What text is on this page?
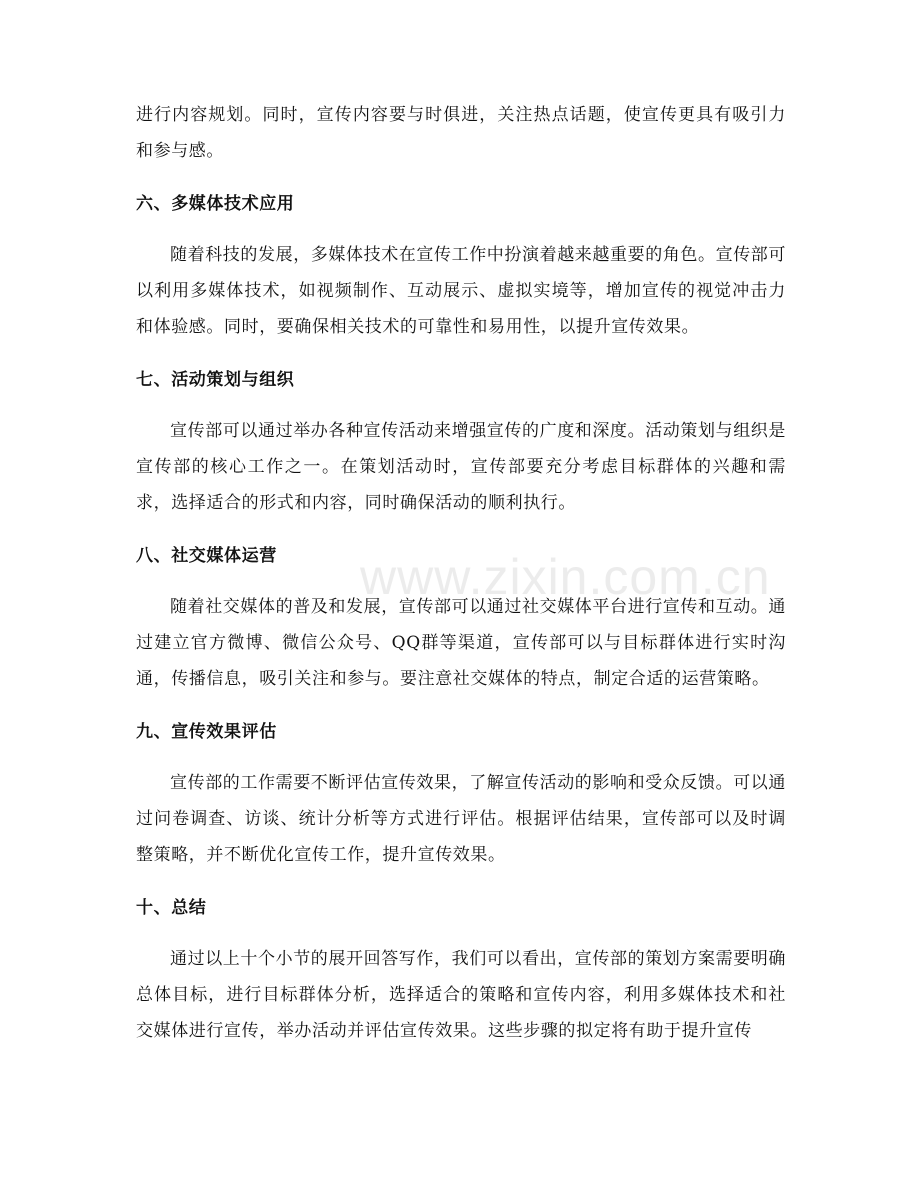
进行内容规划。同时，宣传内容要与时俱进，关注热点话题，使宣传更具有吸引力和参与感。

六、多媒体技术应用

随着科技的发展，多媒体技术在宣传工作中扮演着越来越重要的角色。宣传部可以利用多媒体技术，如视频制作、互动展示、虚拟实境等，增加宣传的视觉冲击力和体验感。同时，要确保相关技术的可靠性和易用性，以提升宣传效果。

七、活动策划与组织

宣传部可以通过举办各种宣传活动来增强宣传的广度和深度。活动策划与组织是宣传部的核心工作之一。在策划活动时，宣传部要充分考虑目标群体的兴趣和需求，选择适合的形式和内容，同时确保活动的顺利执行。

八、社交媒体运营

随着社交媒体的普及和发展，宣传部可以通过社交媒体平台进行宣传和互动。通过建立官方微博、微信公众号、QQ群等渠道，宣传部可以与目标群体进行实时沟通，传播信息，吸引关注和参与。要注意社交媒体的特点，制定合适的运营策略。

九、宣传效果评估

宣传部的工作需要不断评估宣传效果，了解宣传活动的影响和受众反馈。可以通过问卷调查、访谈、统计分析等方式进行评估。根据评估结果，宣传部可以及时调整策略，并不断优化宣传工作，提升宣传效果。

十、总结

通过以上十个小节的展开回答写作，我们可以看出，宣传部的策划方案需要明确总体目标，进行目标群体分析，选择适合的策略和宣传内容，利用多媒体技术和社交媒体进行宣传，举办活动并评估宣传效果。这些步骤的拟定将有助于提升宣传

www.zixin.com.cn
